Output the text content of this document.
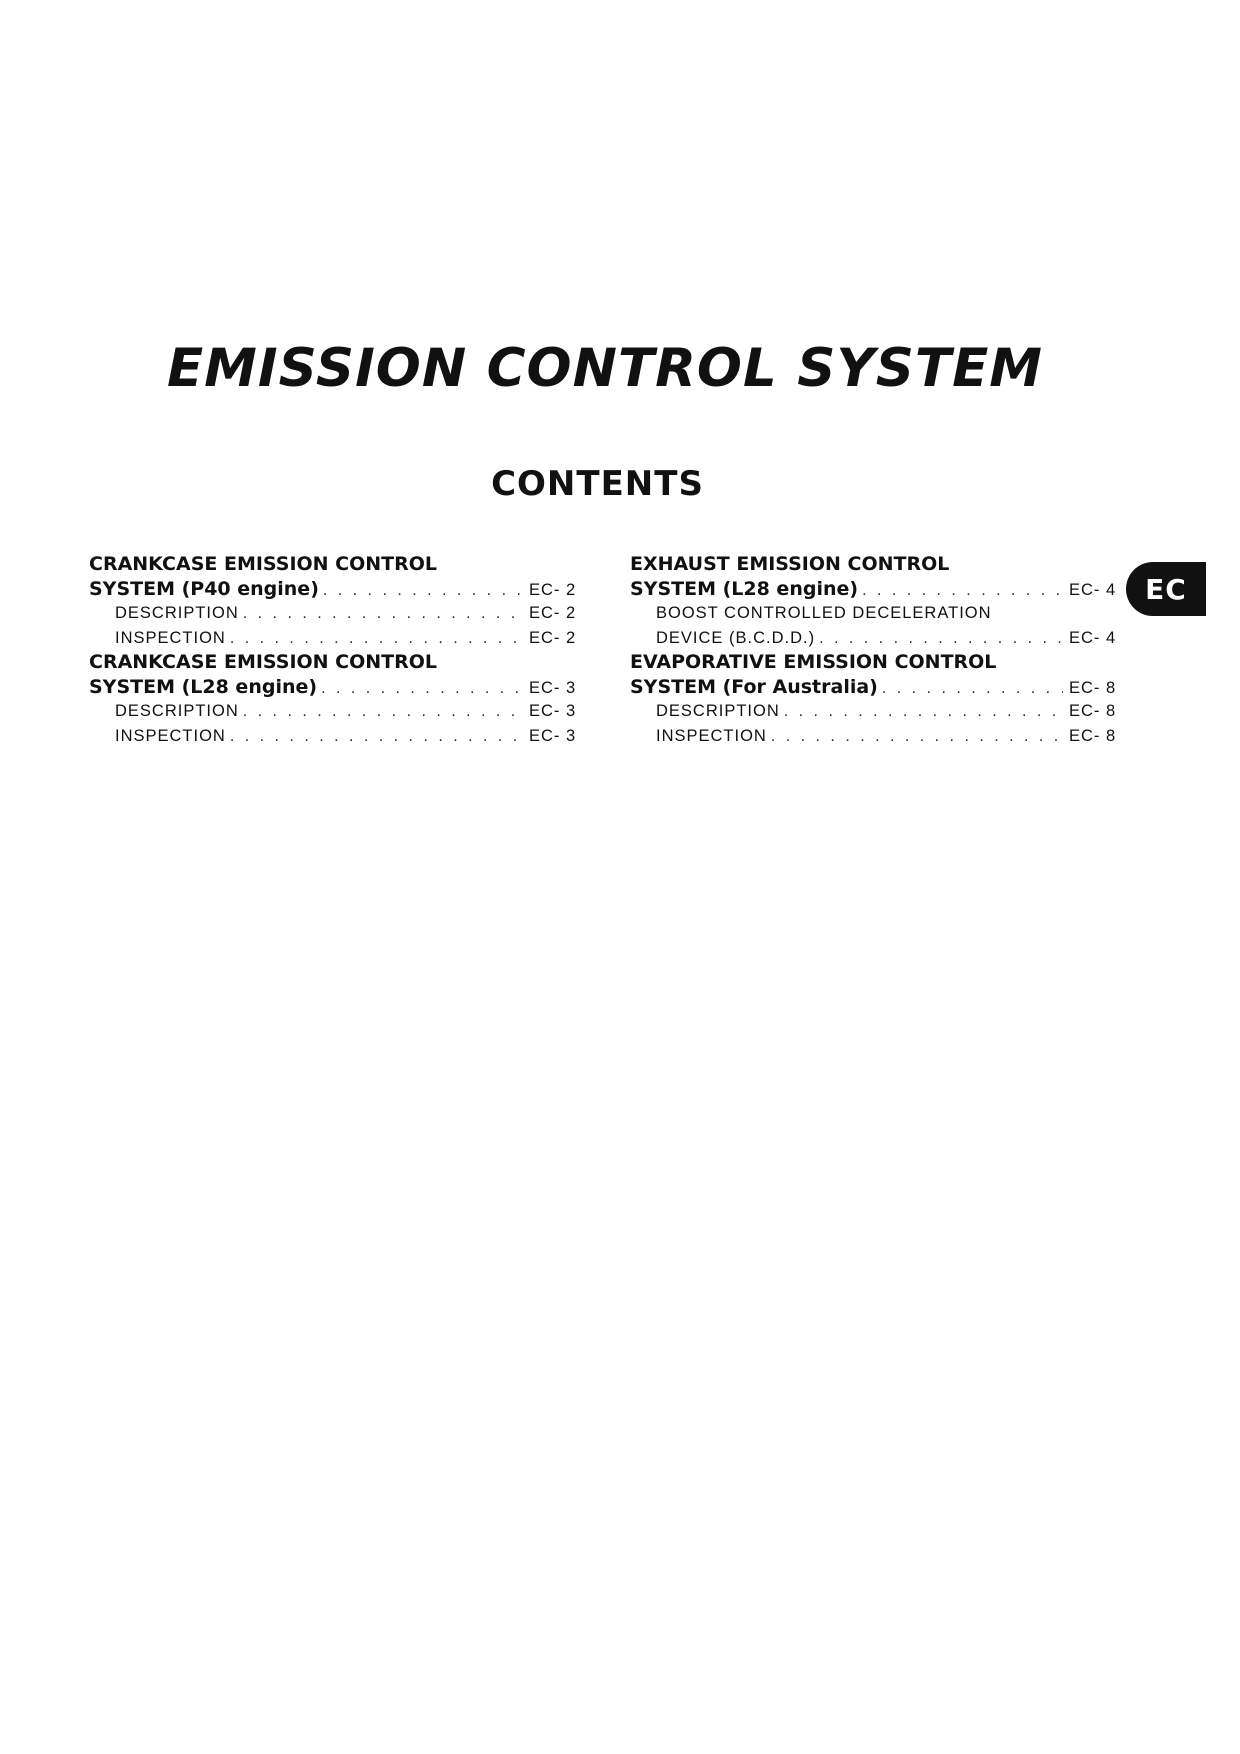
EMISSION CONTROL SYSTEM
CONTENTS
CRANKCASE EMISSION CONTROL
SYSTEM (P40 engine) . . .	EC- 2
DESCRIPTION . . .	EC- 2
INSPECTION . . .	EC- 2
CRANKCASE EMISSION CONTROL
SYSTEM (L28 engine) . . .	EC- 3
DESCRIPTION . . .	EC- 3
INSPECTION . . .	EC- 3
EXHAUST EMISSION CONTROL
SYSTEM (L28 engine) . . .	EC- 4
BOOST CONTROLLED DECELERATION
DEVICE (B.C.D.D.) . . .	EC- 4
EVAPORATIVE EMISSION CONTROL
SYSTEM (For Australia) . . .	EC- 8
DESCRIPTION . . .	EC- 8
INSPECTION . . .	EC- 8
EC
